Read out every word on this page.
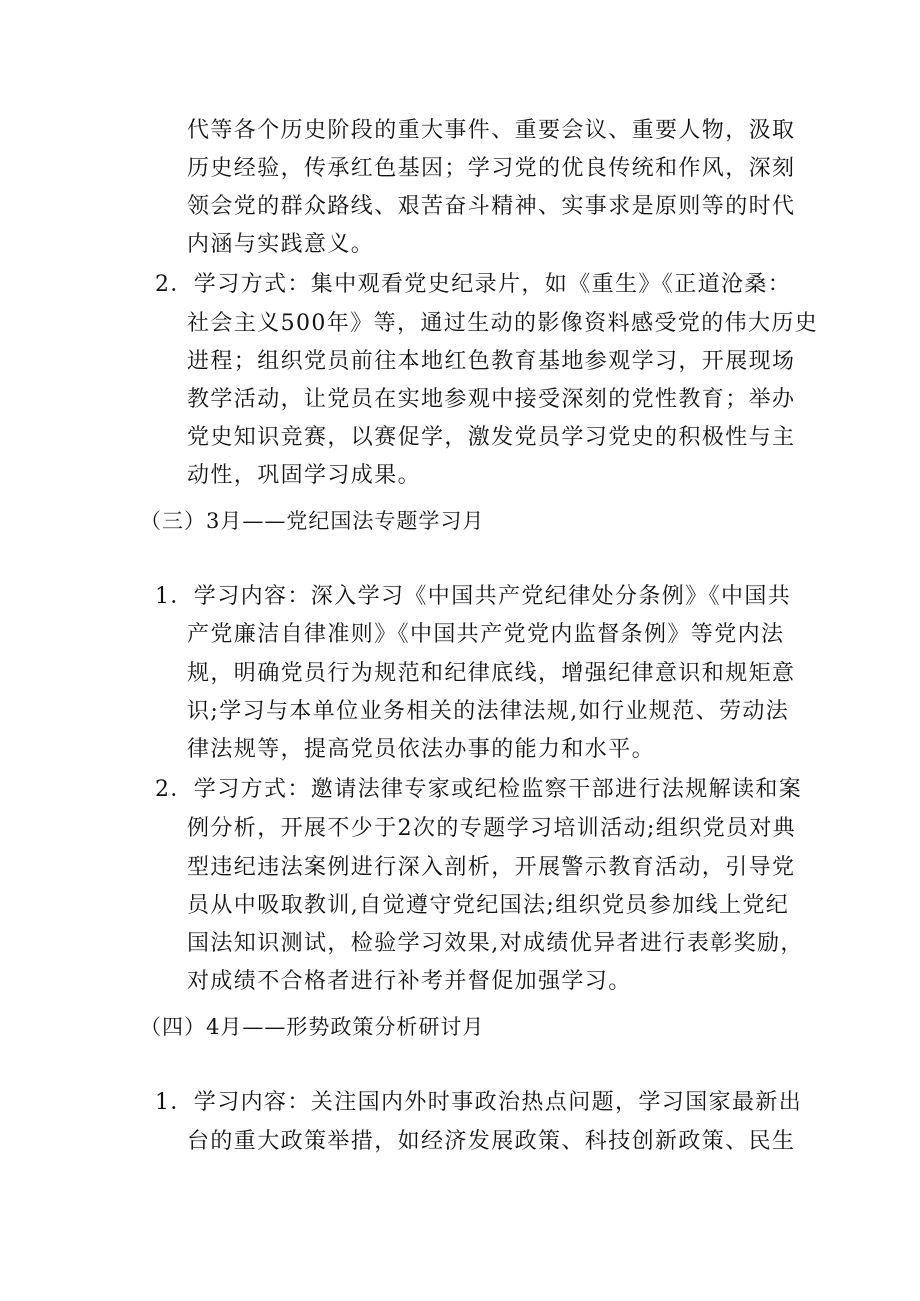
代等各个历史阶段的重大事件、重要会议、重要人物，汲取
历史经验，传承红色基因；学习党的优良传统和作风，深刻
领会党的群众路线、艰苦奋斗精神、实事求是原则等的时代
内涵与实践意义。
2．学习方式：集中观看党史纪录片，如《重生》《正道沧桑：
社会主义500年》等，通过生动的影像资料感受党的伟大历史
进程；组织党员前往本地红色教育基地参观学习，开展现场
教学活动，让党员在实地参观中接受深刻的党性教育；举办
党史知识竞赛，以赛促学，激发党员学习党史的积极性与主
动性，巩固学习成果。
（三）3月——党纪国法专题学习月
1．学习内容：深入学习《中国共产党纪律处分条例》《中国共
产党廉洁自律准则》《中国共产党党内监督条例》等党内法
规，明确党员行为规范和纪律底线，增强纪律意识和规矩意
识;学习与本单位业务相关的法律法规,如行业规范、劳动法
律法规等，提高党员依法办事的能力和水平。
2．学习方式：邀请法律专家或纪检监察干部进行法规解读和案
例分析，开展不少于2次的专题学习培训活动;组织党员对典
型违纪违法案例进行深入剖析，开展警示教育活动，引导党
员从中吸取教训,自觉遵守党纪国法;组织党员参加线上党纪
国法知识测试，检验学习效果,对成绩优异者进行表彰奖励，
对成绩不合格者进行补考并督促加强学习。
（四）4月——形势政策分析研讨月
1．学习内容：关注国内外时事政治热点问题，学习国家最新出
台的重大政策举措，如经济发展政策、科技创新政策、民生
